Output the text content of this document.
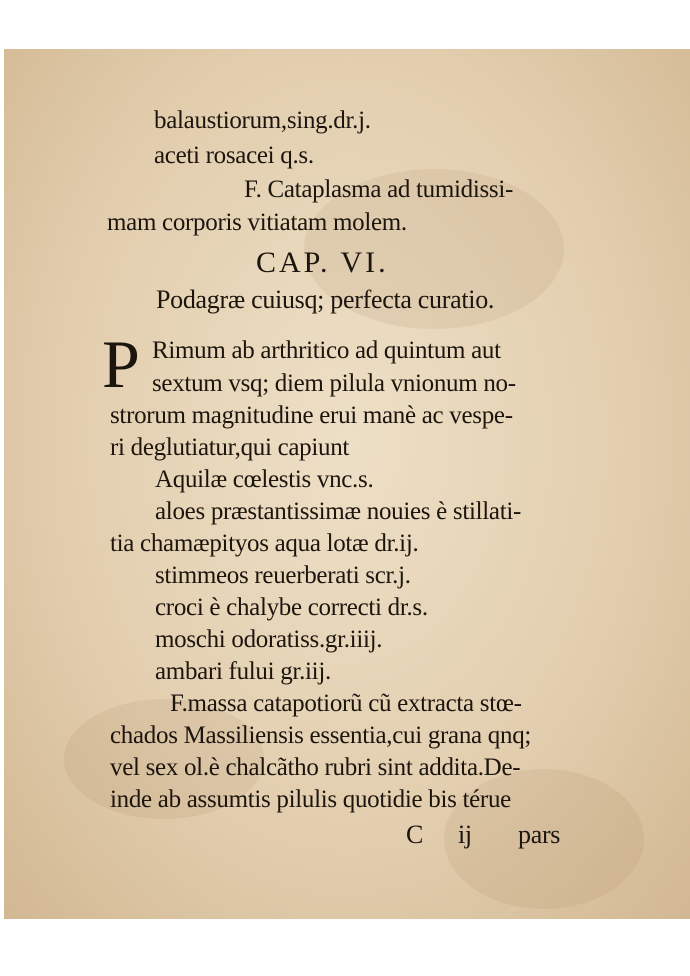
balaustiorum,sing.dr.j.
aceti rosacei q.s.
F. Cataplasma ad tumidissi-
mam corporis vitiatam molem.
CAP. VI.
Podagræ cuiusq; perfecta curatio.
P Rimum ab arthritico ad quintum aut
sextum vsq; diem pilula vnionum no-
strorum magnitudine erui manè ac vespe-
ri deglutiatur,qui capiunt
Aquilæ cœlestis vnc.s.
aloes præstantissimæ nouies è stillati-
tia chamæpityos aqua lotæ dr.ij.
stimmeos reuerberati scr.j.
croci è chalybe correcti dr.s.
moschi odoratiss.gr.iiij.
ambari fului gr.iij.
F.massa catapotiorũ cũ extracta stœ-
chados Massiliensis essentia,cui grana qnq;
vel sex ol.è chalcãtho rubri sint addita.De-
inde ab assumtis pilulis quotidie bis térue
C ij pars
